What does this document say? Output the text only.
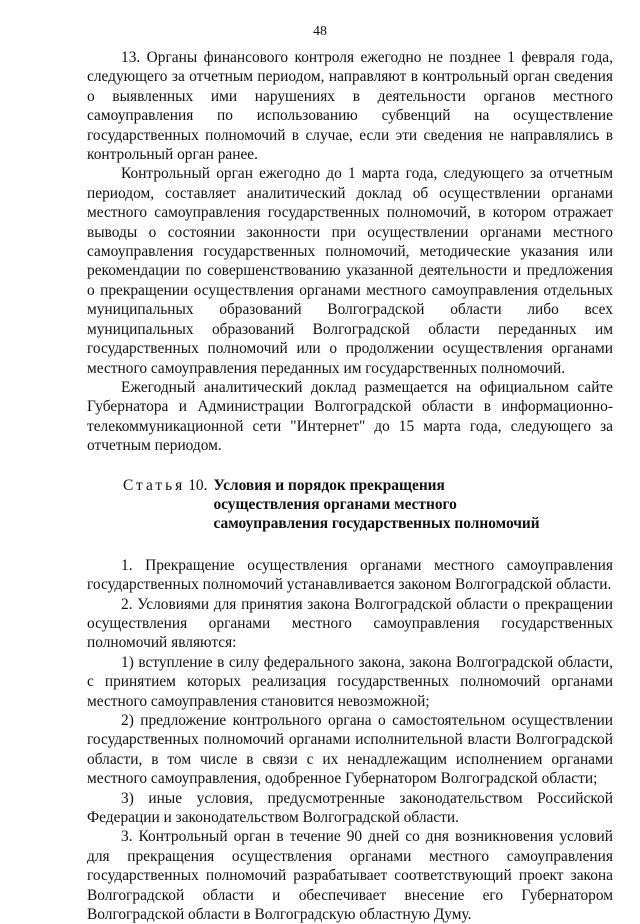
48

13. Органы финансового контроля ежегодно не позднее 1 февраля года, следующего за отчетным периодом, направляют в контрольный орган сведения о выявленных ими нарушениях в деятельности органов местного самоуправления по использованию субвенций на осуществление государственных полномочий в случае, если эти сведения не направлялись в контрольный орган ранее.

Контрольный орган ежегодно до 1 марта года, следующего за отчетным периодом, составляет аналитический доклад об осуществлении органами местного самоуправления государственных полномочий, в котором отражает выводы о состоянии законности при осуществлении органами местного самоуправления государственных полномочий, методические указания или рекомендации по совершенствованию указанной деятельности и предложения о прекращении осуществления органами местного самоуправления отдельных муниципальных образований Волгоградской области либо всех муниципальных образований Волгоградской области переданных им государственных полномочий или о продолжении осуществления органами местного самоуправления переданных им государственных полномочий.

Ежегодный аналитический доклад размещается на официальном сайте Губернатора и Администрации Волгоградской области в информационно-телекоммуникационной сети "Интернет" до 15 марта года, следующего за отчетным периодом.

Статья 10. Условия и порядок прекращения осуществления органами местного самоуправления государственных полномочий

1. Прекращение осуществления органами местного самоуправления государственных полномочий устанавливается законом Волгоградской области.

2. Условиями для принятия закона Волгоградской области о прекращении осуществления органами местного самоуправления государственных полномочий являются:

1) вступление в силу федерального закона, закона Волгоградской области, с принятием которых реализация государственных полномочий органами местного самоуправления становится невозможной;

2) предложение контрольного органа о самостоятельном осуществлении государственных полномочий органами исполнительной власти Волгоградской области, в том числе в связи с их ненадлежащим исполнением органами местного самоуправления, одобренное Губернатором Волгоградской области;

3) иные условия, предусмотренные законодательством Российской Федерации и законодательством Волгоградской области.

3. Контрольный орган в течение 90 дней со дня возникновения условий для прекращения осуществления органами местного самоуправления государственных полномочий разрабатывает соответствующий проект закона Волгоградской области и обеспечивает внесение его Губернатором Волгоградской области в Волгоградскую областную Думу.
